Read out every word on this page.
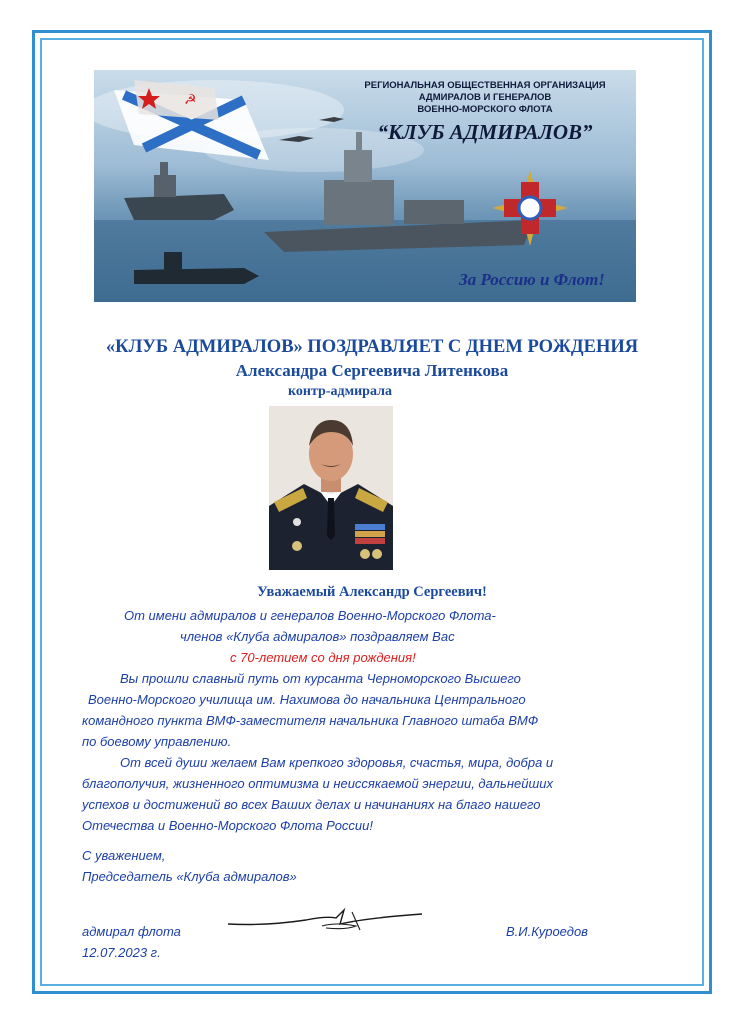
☭
РЕГИОНАЛЬНАЯ ОБЩЕСТВЕННАЯ ОРГАНИЗАЦИЯ
АДМИРАЛОВ И ГЕНЕРАЛОВ
ВОЕННО-МОРСКОГО ФЛОТА
“КЛУБ АДМИРАЛОВ”
За Россию и Флот!
«КЛУБ АДМИРАЛОВ» ПОЗДРАВЛЯЕТ С ДНЕМ РОЖДЕНИЯ
Александра Сергеевича Литенкова
контр-адмирала
Уважаемый Александр Сергеевич!
От имени адмиралов и генералов Военно-Морского Флота-
членов «Клуба адмиралов» поздравляем Вас
с 70-летием со дня рождения!
Вы прошли славный путь от курсанта Черноморского Высшего
Военно-Морского училища им. Нахимова до начальника Центрального
командного пункта ВМФ-заместителя начальника Главного штаба ВМФ
по боевому управлению.
От всей души желаем Вам крепкого здоровья, счастья, мира, добра и
благополучия, жизненного оптимизма и неиссякаемой энергии, дальнейших
успехов и достижений во всех Ваших делах и начинаниях на благо нашего
Отечества и Военно-Морского Флота России!
С уважением,
Председатель «Клуба адмиралов»
адмирал флота
12.07.2023 г.
В.И.Куроедов
